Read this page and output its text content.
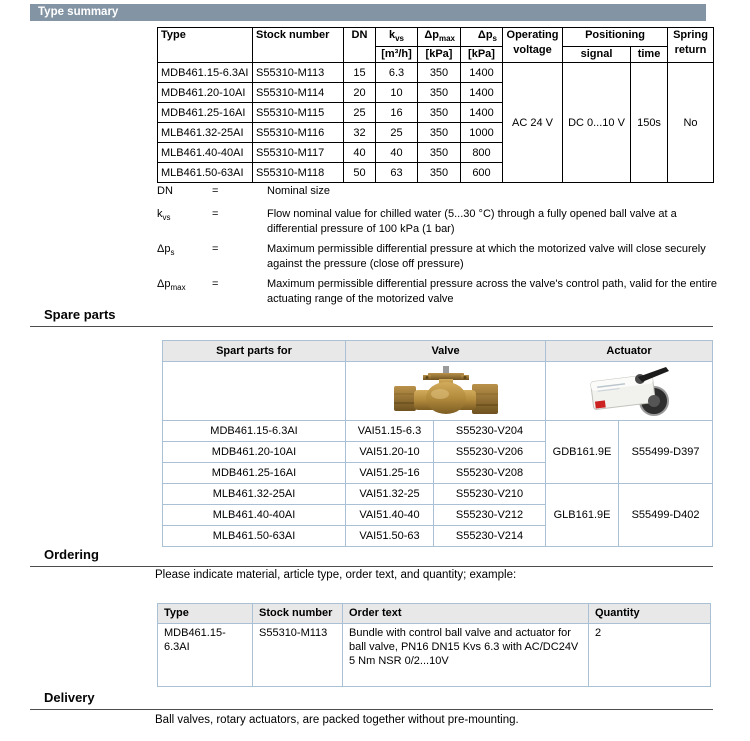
Type summary
Type	Stock number	DN	$k_{vs}$	$\Delta p_{max}$	$\Delta p_s$	Operating voltage	Positioning		Spring return
			[m³/h]	[kPa]	[kPa]		signal	time	
MDB461.15-6.3AI	S55310-M113	15	6.3	350	1400	AC 24 V	DC 0...10 V	150s	No
MDB461.20-10AI	S55310-M114	20	10	350	1400				
MDB461.25-16AI	S55310-M115	25	16	350	1400				
MLB461.32-25AI	S55310-M116	32	25	350	1000				
MLB461.40-40AI	S55310-M117	40	40	350	800				
MLB461.50-63AI	S55310-M118	50	63	350	600				
DN	=	Nominal size
$k_{vs}$	=	Flow nominal value for chilled water (5...30 °C) through a fully opened ball valve at a differential pressure of 100 kPa (1 bar)
$\Delta p_s$	=	Maximum permissible differential pressure at which the motorized valve will close securely against the pressure (close off pressure)
$\Delta p_{max}$	=	Maximum permissible differential pressure across the valve's control path, valid for the entire actuating range of the motorized valve
Spare parts
Spart parts for	Valve		Actuator	

MDB461.15-6.3AI	VAI51.15-6.3	S55230-V204	GDB161.9E	S55499-D397
MDB461.20-10AI	VAI51.20-10	S55230-V206		
MDB461.25-16AI	VAI51.25-16	S55230-V208		
MLB461.32-25AI	VAI51.32-25	S55230-V210	GLB161.9E	S55499-D402
MLB461.40-40AI	VAI51.40-40	S55230-V212		
MLB461.50-63AI	VAI51.50-63	S55230-V214		
Ordering
Please indicate material, article type, order text, and quantity; example:
Type	Stock number	Order text	Quantity
MDB461.15-6.3AI	S55310-M113	Bundle with control ball valve and actuator for ball valve, PN16 DN15 Kvs 6.3 with AC/DC24V 5 Nm NSR 0/2...10V	2
Delivery
Ball valves, rotary actuators, are packed together without pre-mounting.
